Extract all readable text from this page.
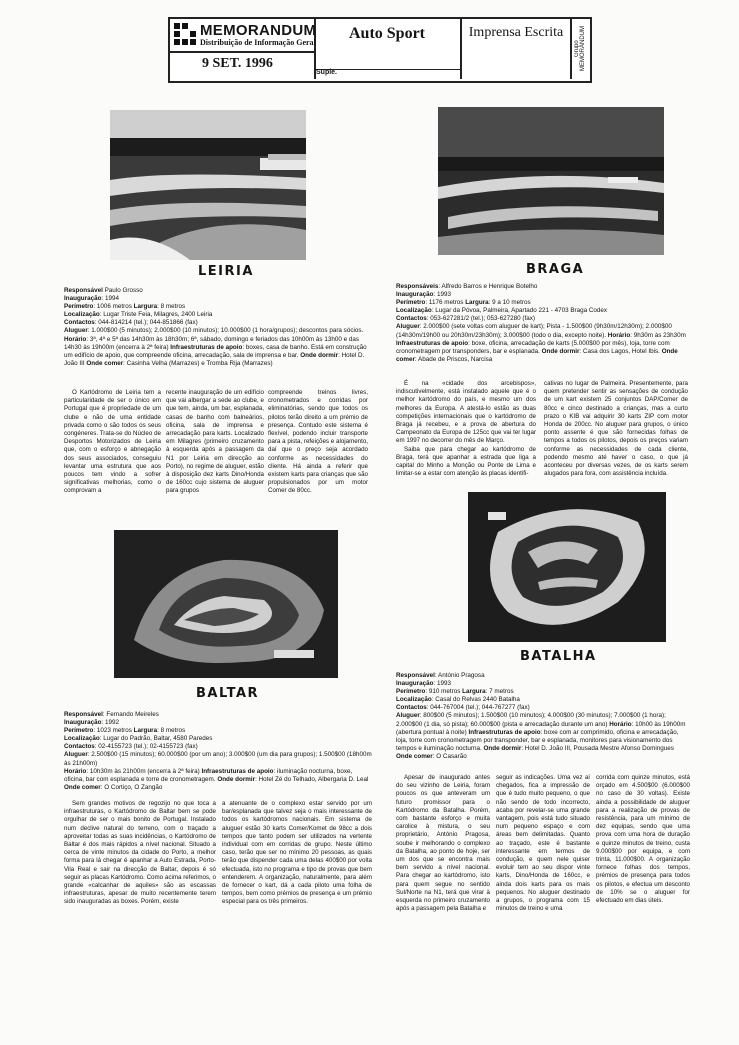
MEMORANDUM
Distribuição de Informação Geral
9 SET. 1996
Auto Sport
Suple.
Imprensa Escrita
Grupo MEMORANDUM
LEIRIA	BRAGA

Responsável Paulo Grosso

Inauguração: 1994

Perímetro: 1006 metros Largura: 8 metros

Localização: Lugar Triste Feia, Milagres, 2400 Leiria

Contactos: 044-814214 (tel.); 044-851866 (fax)

Aluguer: 1.000$00 (5 minutos); 2.000$00 (10 minutos); 10.000$00 (1 hora/grupos); descontos para sócios.

Horário: 3ª, 4ª e 5ª das 14h30m às 18h30m; 6ª, sábado, domingo e feriados das 10h00m às 13h00 e das 14h30 às 19h00m (encerra à 2ª feira) Infraestruturas de apoio: boxes, casa de banho. Está em construção um edifício de apoio, que compreende oficina, arrecadação, sala de imprensa e bar. Onde dormir: Hotel D. João III Onde comer: Casinha Velha (Marrazes) e Tromba Rija (Marrazes)

Responsáveis: Alfredo Barros e Henrique Botelho

Inauguração: 1993

Perímetro: 1176 metros Largura: 9 a 10 metros

Localização: Lugar da Póvoa, Palmeira, Apartado 221 - 4703 Braga Codex

Contactos: 053-627281/2 (tel.); 053-627280 (fax)

Aluguer: 2.000$00 (sete voltas com aluguer de kart); Pista - 1.500$00 (9h30m/12h30m); 2.000$00 (14h30m/19h00 ou 20h30m/23h30m); 3.000$00 (todo o dia, excepto noite). Horário: 9h30m às 23h30m Infraestruturas de apoio: boxe, oficina, arrecadação de karts (5.000$00 por mês), loja, torre com cronometragem por transponders, bar e esplanada. Onde dormir: Casa dos Lagos, Hotel Ibis. Onde comer: Abade de Priscos, Narcisa

O Kartódromo de Leiria tem a particularidade de ser o único em Portugal que é propriedade de um clube e não de uma entidade privada como o são todos os seus congéneres. Trata-se do Núcleo de Desportos Motorizados de Leiria que, com o esforço e abnegação dos seus associados, conseguiu levantar uma estrutura que aos poucos tem vindo a sofrer significativas melhorias, como o comprovam a

recente inauguração de um edifício que vai albergar a sede ao clube, e que tem, ainda, um bar, esplanada, casas de banho com balneários, oficina, sala de imprensa e arrecadação para karts. Localizado em Milagres (primeiro cruzamento à esquerda após a passagem da N1 por Leiria em direcção ao Porto), no regime de aluguer, estão à disposição dez karts Dino/Honda de 160cc cujo sistema de aluguer para grupos

compreende treinos livres, cronometrados e corridas por eliminatórias, sendo que todos os pilotos terão direito a um prémio de presença. Contudo este sistema é flexível, podendo incluir transporte para a pista, refeições e alojamento, daí que o preço seja acordado conforme as necessidades do cliente. Há ainda a referir que existem karts para crianças que são propulsionados por um motor Comer de 80cc.

É na «cidade dos arcebispos», indiscutivelmente, está instalado aquele que é o melhor kartódromo do país, e mesmo um dos melhores da Europa. A atestá-lo estão as duas competições internacionais que o kartódromo de Braga já recebeu, e a prova de abertura do Campeonato da Europa de 125cc que vai ter lugar em 1997 no decorrer do mês de Março.

Saiba que para chegar ao kartódromo de Braga, terá que apanhar a estrada que liga a capital do Minho a Monção ou Ponte de Lima e limitar-se a estar com atenção às placas identifi-

cativas no lugar de Palmeira. Presentemente, para quem pretender sentir as sensações de condução de um kart existem 25 conjuntos DAP/Comer de 80cc e cinco destinado a crianças, mas a curto prazo o KIB vai adquirir 30 karts ZIP com motor Honda de 200cc. No aluguer para grupos, o único ponto assente é que são fornecidas folhas de tempos a todos os pilotos, depois os preços variam conforme as necessidades de cada cliente, podendo mesmo até haver o caso, o que já aconteceu por diversas vezes, de os karts serem alugados para fora, com assistência incluída.

BATALHA
BALTAR

Responsável: António Pragosa

Inauguração: 1993

Perímetro: 910 metros Largura: 7 metros

Localização: Casal do Relvas 2440 Batalha

Contactos: 044-767004 (tel.); 044-767277 (fax)

Aluguer: 800$00 (5 minutos); 1.500$00 (10 minutos); 4.000$00 (30 minutos); 7.000$00 (1 hora); 2.000$00 (1 dia, só pista); 60.000$00 (pista e arrecadação durante um ano) Horário: 10h00 às 19h00m (abertura pontual à noite) Infraestruturas de apoio: boxe com ar comprimido, oficina e arrecadação, loja, torre com cronometragem por transponder, bar e esplanada, monitores para visionamento dos tempos e iluminação nocturna. Onde dormir: Hotel D. João III, Pousada Mestre Afonso Domingues Onde comer: O Casarão

Responsável: Fernando Meireles

Inauguração: 1992

Perímetro: 1023 metros Largura: 8 metros

Localização: Lugar do Padrão, Baltar, 4580 Paredes

Contactos: 02-4155723 (tel.); 02-4155723 (fax)

Aluguer: 2.500$00 (15 minutos); 60.000$00 (por um ano); 3.000$00 (um dia para grupos); 1.500$00 (18h00m às 21h00m)

Horário: 10h30m às 21h00m (encerra à 2ª feira) Infraestruturas de apoio: iluminação nocturna, boxe, oficina, bar com esplanada e torre de cronometragem. Onde dormir: Hotel Zé do Telhado, Albergaria D. Leal Onde comer: O Cortiço, O Zangão

Apesar de inaugurado antes do seu vizinho de Leiria, foram poucos os que anteveram um futuro promissor para o Kartódromo da Batalha. Porém, com bastante esforço e muita carolice à mistura, o seu proprietário, António Pragosa, soube ir melhorando o complexo da Batalha, ao ponto de hoje, ser um dos que se encontra mais bem servido a nível nacional. Para chegar ao kartódromo, isto para quem segue no sentido Sul/Norte na N1, terá que virar à esquerda no primeiro cruzamento após a passagem pela Batalha e

seguir as indicações. Uma vez aí chegados, fica a impressão de que é tudo muito pequeno, o que não sendo de todo incorrecto, acaba por revelar-se uma grande vantagem, pois está tudo situado num pequeno espaço e com áreas bem delimitadas. Quanto ao traçado, este é bastante interessante em termos de condução, e quem nele quiser evoluir tem ao seu dispor vinte karts, Dino/Honda de 160cc, e ainda dois karts para os mais pequenos. No aluguer destinado a grupos, o programa com 15 minutos de treino e uma

corrida com quinze minutos, está orçado em 4.500$00 (6.000$00 no caso de 30 voltas). Existe ainda a possibilidade de aluguer para a realização de provas de resistência, para um mínimo de dez equipas, sendo que uma prova com uma hora de duração e quinze minutos de treino, custa 9.000$00 por equipa, e com trinta, 11.000$00. A organização fornece folhas dos tempos, prémios de presença para todos os pilotos, e efectua um desconto de 10% se o aluguer for efectuado em dias úteis.

Sem grandes motivos de regozijo no que toca a infraestruturas, o Kartódromo de Baltar bem se pode orgulhar de ser o mais bonito de Portugal. Instalado num declive natural do terreno, com o traçado a aproveitar todas as suas incidências, o Kartódromo de Baltar é dos mais rápidos a nível nacional. Situado a cerca de vinte minutos da cidade do Porto, a melhor forma para lá chegar é apanhar a Auto Estrada, Porto-Vila Real e sair na direcção de Baltar, depois é só seguir as placas Kartódromo. Como acima referimos, o grande «calcanhar de aquiles» são as escassas infraestruturas, apesar de muito recentemente terem sido inauguradas as boxes. Porém, existe

a atenuante de o complexo estar servido por um bar/esplanada que talvez seja o mais interessante de todos os kartódromos nacionais. Em sistema de aluguer estão 30 karts Comer/Komet de 98cc a dois tempos que tanto podem ser utilizados na vertente individual com em corridas de grupo. Neste último caso, terão que ser no mínimo 20 pessoas, as quais terão que dispender cada uma delas 400$00 por volta efectuada, isto no programa e tipo de provas que bem entenderem. A organização, naturalmente, para além de fornecer o kart, dá a cada piloto uma folha de tempos, bem como prémios de presença e um prémio especial para os três primeiros.
